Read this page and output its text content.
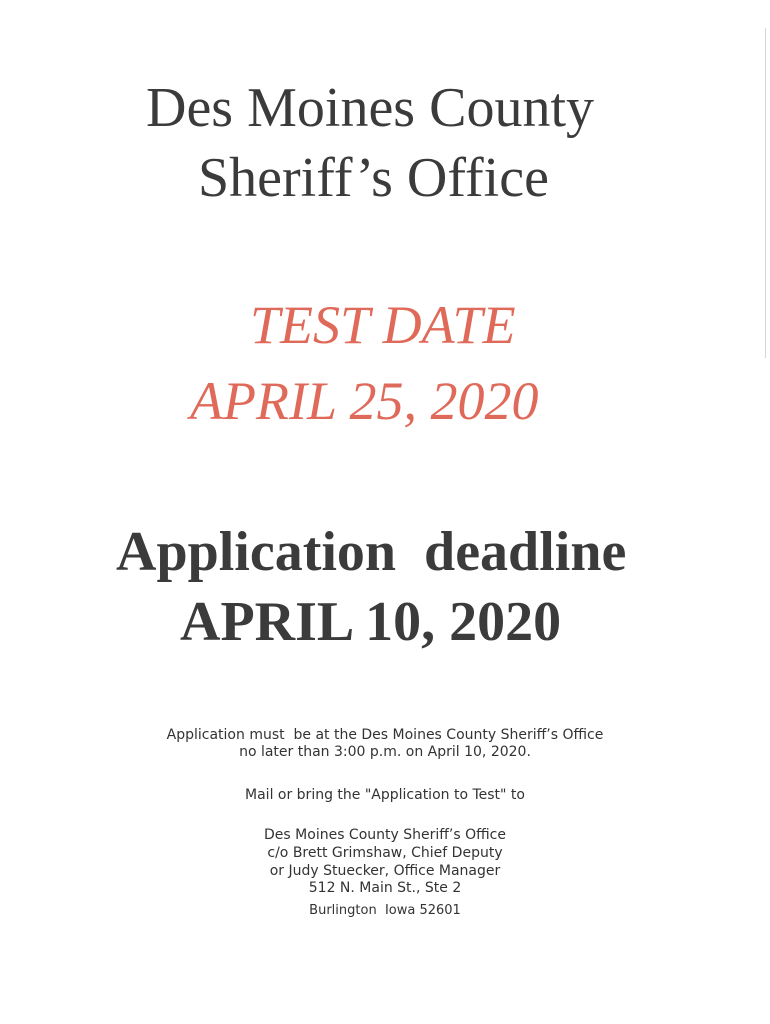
Des Moines County
Sheriff’s Office
TEST DATE
APRIL 25, 2020
Application  deadline
APRIL 10, 2020
Application must  be at the Des Moines County Sheriff’s Office
no later than 3:00 p.m. on April 10, 2020.
Mail or bring the "Application to Test" to
Des Moines County Sheriff’s Office
c/o Brett Grimshaw, Chief Deputy
or Judy Stuecker, Office Manager
512 N. Main St., Ste 2
Burlington  Iowa 52601
